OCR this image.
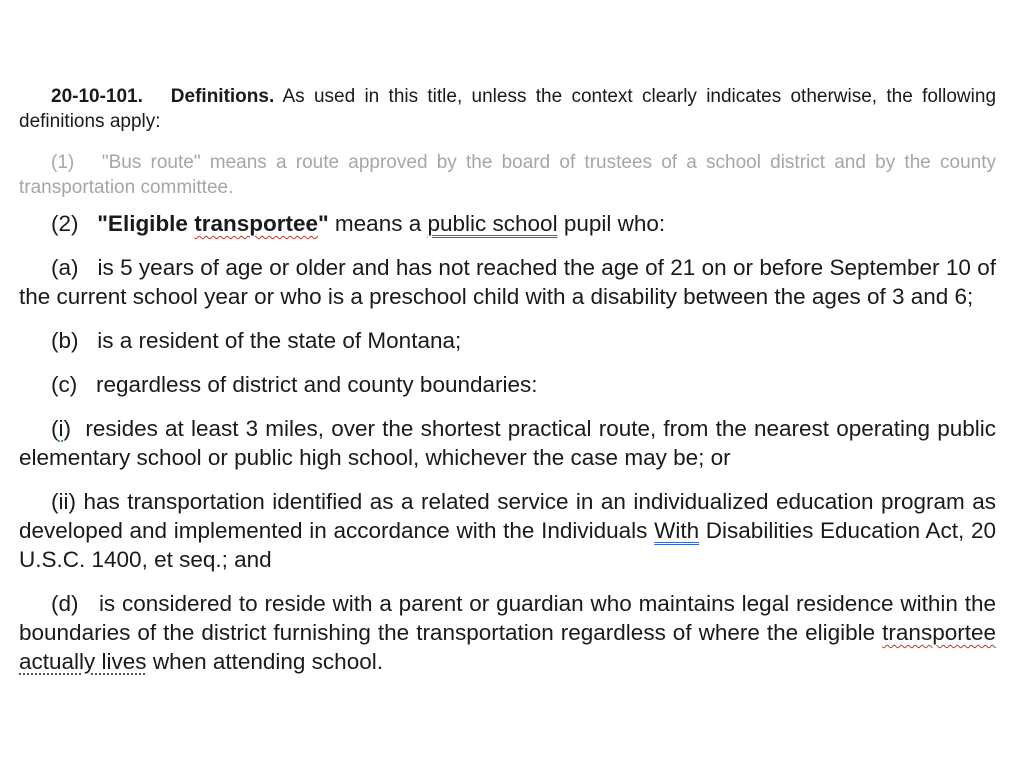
20-10-101. Definitions. As used in this title, unless the context clearly indicates otherwise, the following definitions apply:

(1) "Bus route" means a route approved by the board of trustees of a school district and by the county transportation committee.

(2) "Eligible transportee" means a public school pupil who:

(a) is 5 years of age or older and has not reached the age of 21 on or before September 10 of the current school year or who is a preschool child with a disability between the ages of 3 and 6;

(b) is a resident of the state of Montana;

(c) regardless of district and county boundaries:

(i) resides at least 3 miles, over the shortest practical route, from the nearest operating public elementary school or public high school, whichever the case may be; or

(ii) has transportation identified as a related service in an individualized education program as developed and implemented in accordance with the Individuals With Disabilities Education Act, 20 U.S.C. 1400, et seq.; and

(d) is considered to reside with a parent or guardian who maintains legal residence within the boundaries of the district furnishing the transportation regardless of where the eligible transportee actually lives when attending school.
